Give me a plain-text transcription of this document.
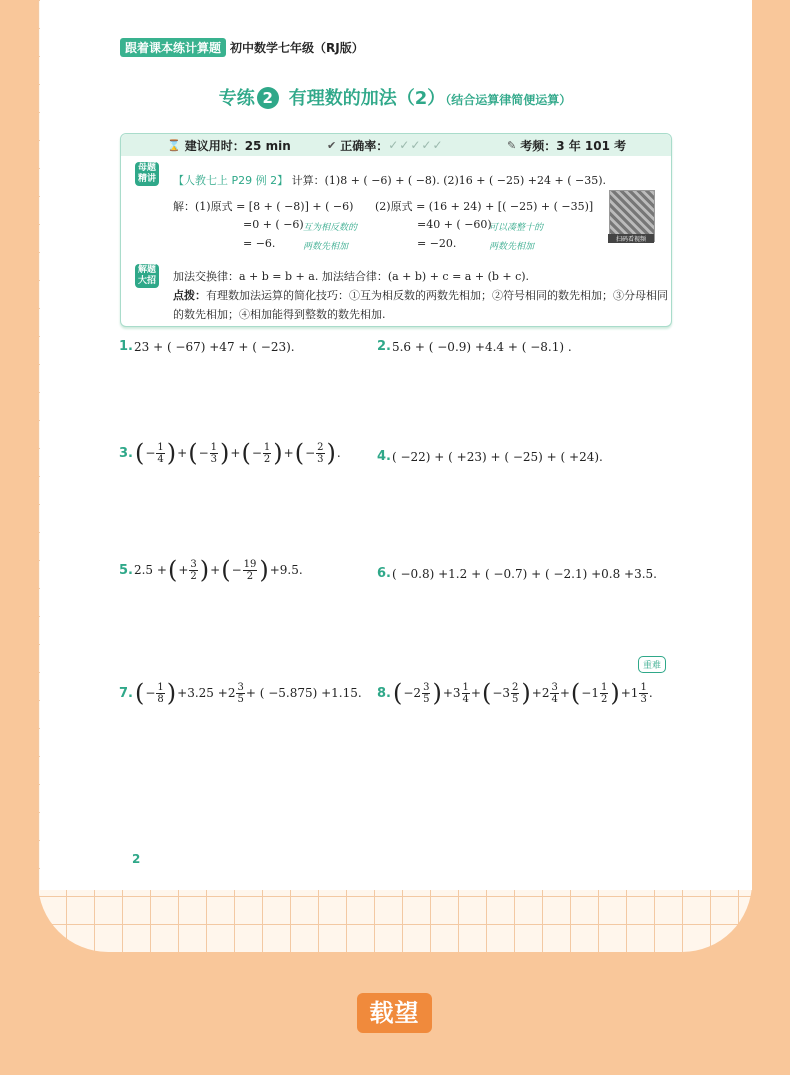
跟着课本练计算题 初中数学七年级（RJ版）
专练 2 有理数的加法（2）（结合运算律简便运算）
⌛ 建议用时：25 min	✔ 正确率： ✓✓✓✓✓	✎ 考频：3 年 101 考
母题精讲 【人教七上 P29 例 2】 计算：(1)8 + ( −6) + ( −8). (2)16 + ( −25) +24 + ( −35).
解：(1)原式 = [8 + ( −8)] + ( −6) (2)原式 = (16 + 24) + [( −25) + ( −35)]
=0 + ( −6) 互为相反数的	=40 + ( −60)
可以凑整十的
= −6.	两数先相加	= −20.	两数先相加
扫码看视频
解题大招 加法交换律：a + b = b + a. 加法结合律：(a + b) + c = a + (b + c).
点拨：有理数加法运算的简化技巧：①互为相反数的两数先相加；②符号相同的数先相加；③分母相同
的数先相加；④相加能得到整数的数先相加.
1. 23 + ( −67) +47 + ( −23).	2. 5.6 + ( −0.9) +4.4 + ( −8.1) .
3. ( − $\frac{1}{4}$ ) + ( − $\frac{1}{3}$ ) + ( − $\frac{1}{2}$ ) + ( − $\frac{2}{3}$ ) .	4. ( −22) + ( +23) + ( −25) + ( +24).
5. 2.5 + ( + $\frac{3}{2}$ ) + ( − $\frac{19}{2}$ ) +9.5.	6. ( −0.8) +1.2 + ( −0.7) + ( −2.1) +0.8 +3.5.
重难
7. ( − $\frac{1}{8}$ ) $+3.25 +2 \frac{3}{5}$ + ( −5.875) +1.15. 8. ( $-2 \frac{3}{5}$ ) $+3 \frac{1}{4}$ + ( $-3 \frac{2}{5}$ ) $+2 \frac{3}{4}$ + ( $-1 \frac{1}{2}$ ) $+1 \frac{1}{3}$ .
2
载望
